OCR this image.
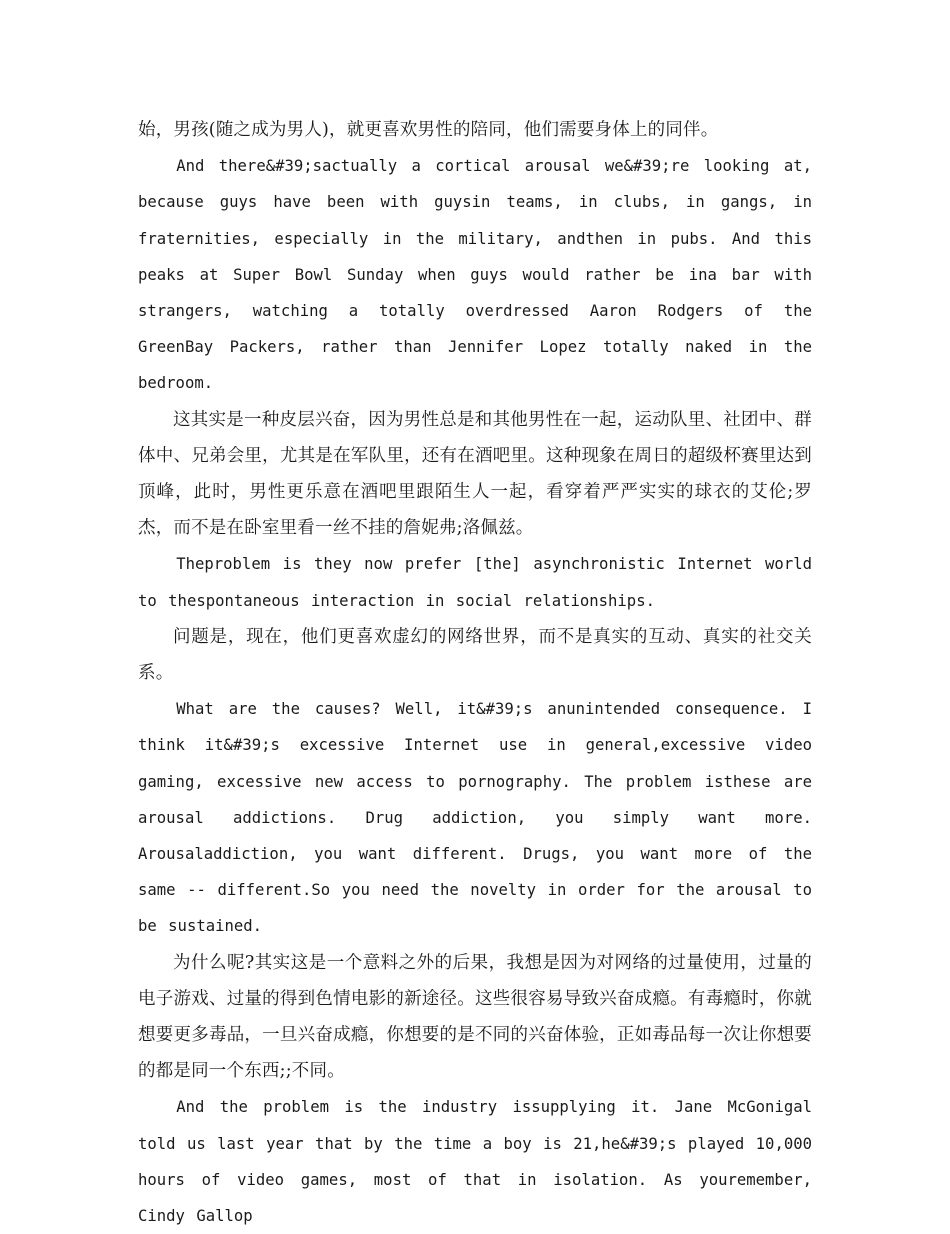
始，男孩(随之成为男人)，就更喜欢男性的陪同，他们需要身体上的同伴。

And there&#39;sactually a cortical arousal we&#39;re looking at, because guys have been with guysin teams, in clubs, in gangs, in fraternities, especially in the military, andthen in pubs. And this peaks at Super Bowl Sunday when guys would rather be ina bar with strangers, watching a totally overdressed Aaron Rodgers of the GreenBay Packers, rather than Jennifer Lopez totally naked in the bedroom.

这其实是一种皮层兴奋，因为男性总是和其他男性在一起，运动队里、社团中、群体中、兄弟会里，尤其是在军队里，还有在酒吧里。这种现象在周日的超级杯赛里达到顶峰，此时，男性更乐意在酒吧里跟陌生人一起，看穿着严严实实的球衣的艾伦;罗杰，而不是在卧室里看一丝不挂的詹妮弗;洛佩兹。

Theproblem is they now prefer [the] asynchronistic Internet world to thespontaneous interaction in social relationships.

问题是，现在，他们更喜欢虚幻的网络世界，而不是真实的互动、真实的社交关系。

What are the causes? Well, it&#39;s anunintended consequence. I think it&#39;s excessive Internet use in general,excessive video gaming, excessive new access to pornography. The problem isthese are arousal addictions. Drug addiction, you simply want more. Arousaladdiction, you want different. Drugs, you want more of the same -- different.So you need the novelty in order for the arousal to be sustained.

为什么呢?其实这是一个意料之外的后果，我想是因为对网络的过量使用，过量的电子游戏、过量的得到色情电影的新途径。这些很容易导致兴奋成瘾。有毒瘾时，你就想要更多毒品，一旦兴奋成瘾，你想要的是不同的兴奋体验，正如毒品每一次让你想要的都是同一个东西;;不同。

And the problem is the industry issupplying it. Jane McGonigal told us last year that by the time a boy is 21,he&#39;s played 10,000 hours of video games, most of that in isolation. As youremember, Cindy Gallop
